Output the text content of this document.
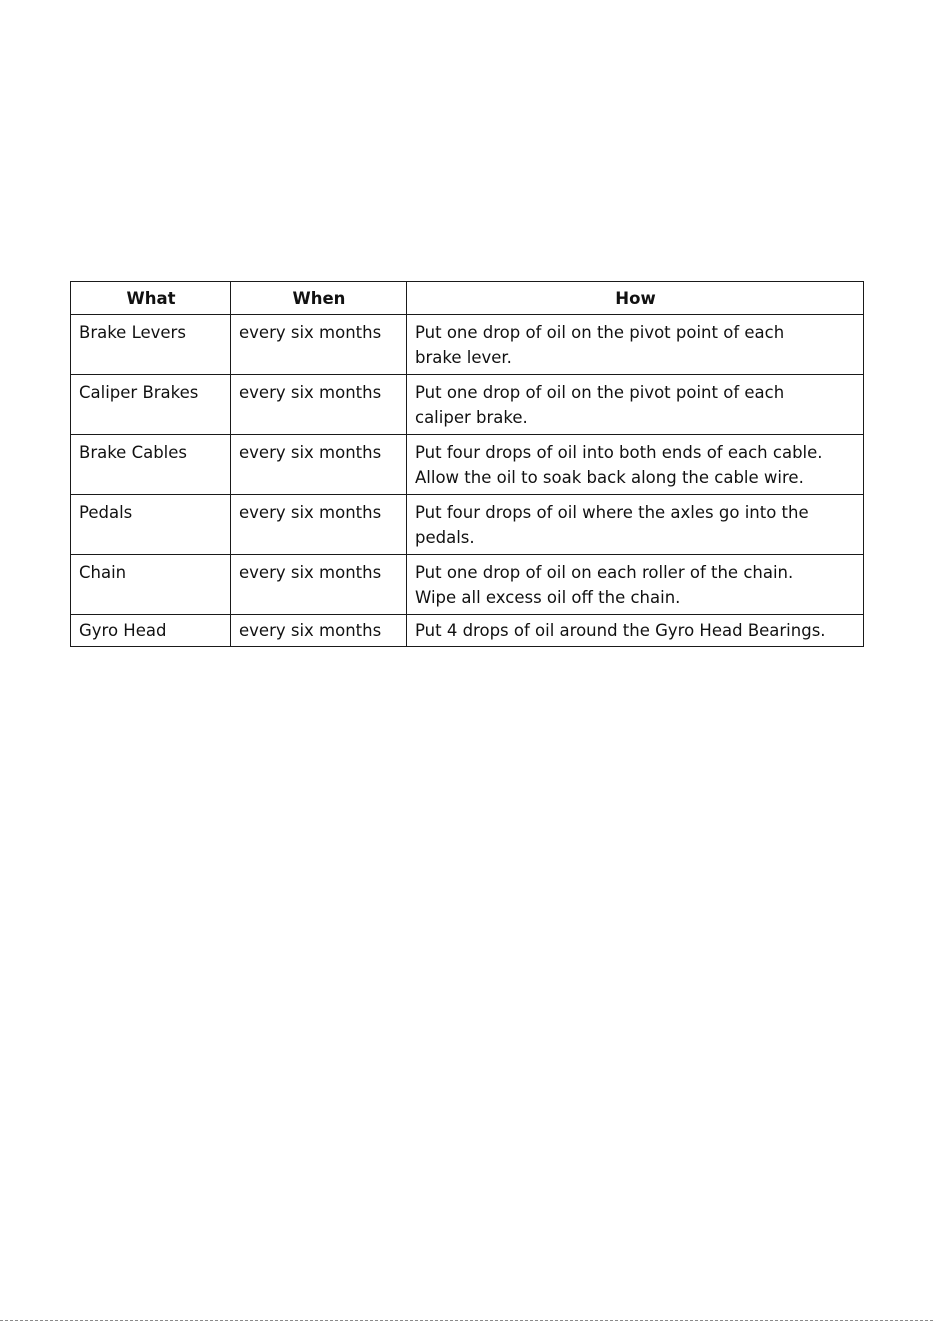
What	When	How
Brake Levers	every six months	Put one drop of oil on the pivot point of each
brake lever.

Caliper Brakes	every six months	Put one drop of oil on the pivot point of each
caliper brake.

Brake Cables	every six months	Put four drops of oil into both ends of each cable.
Allow the oil to soak back along the cable wire.

Pedals	every six months	Put four drops of oil where the axles go into the
pedals.

Chain	every six months	Put one drop of oil on each roller of the chain.
Wipe all excess oil off the chain.

Gyro Head	every six months	Put 4 drops of oil around the Gyro Head Bearings.
